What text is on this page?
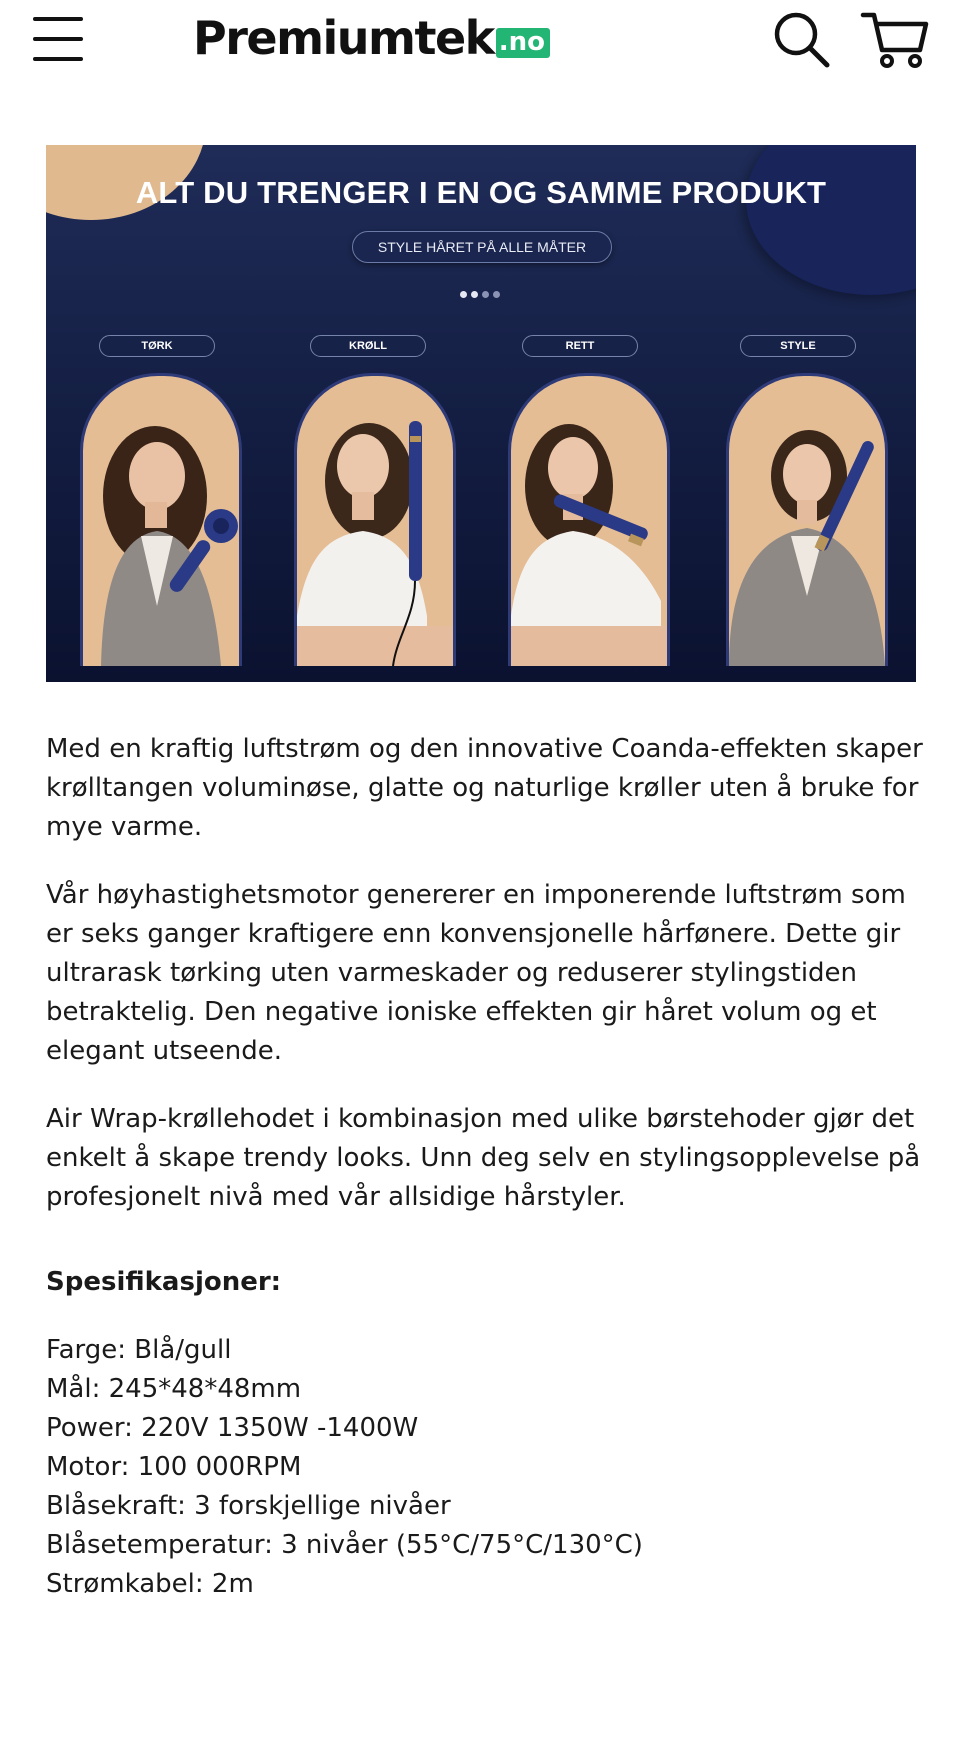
Premiumtek .no
ALT DU TRENGER I EN OG SAMME PRODUKT
STYLE HÅRET PÅ ALLE MÅTER
TØRK	KRØLL	RETT	STYLE

Med en kraftig luftstrøm og den innovative Coanda-effekten skaper krølltangen voluminøse, glatte og naturlige krøller uten å bruke for mye varme.

Vår høyhastighetsmotor genererer en imponerende luftstrøm som er seks ganger kraftigere enn konvensjonelle hårfønere. Dette gir ultrarask tørking uten varmeskader og reduserer stylingstiden betraktelig. Den negative ioniske effekten gir håret volum og et elegant utseende.

Air Wrap-krøllehodet i kombinasjon med ulike børstehoder gjør det enkelt å skape trendy looks. Unn deg selv en stylingsopplevelse på profesjonelt nivå med vår allsidige hårstyler.

Spesifikasjoner:
Farge: Blå/gull
Mål: 245*48*48mm
Power: 220V 1350W -1400W
Motor: 100 000RPM
Blåsekraft: 3 forskjellige nivåer
Blåsetemperatur: 3 nivåer (55°C/75°C/130°C)
Strømkabel: 2m
